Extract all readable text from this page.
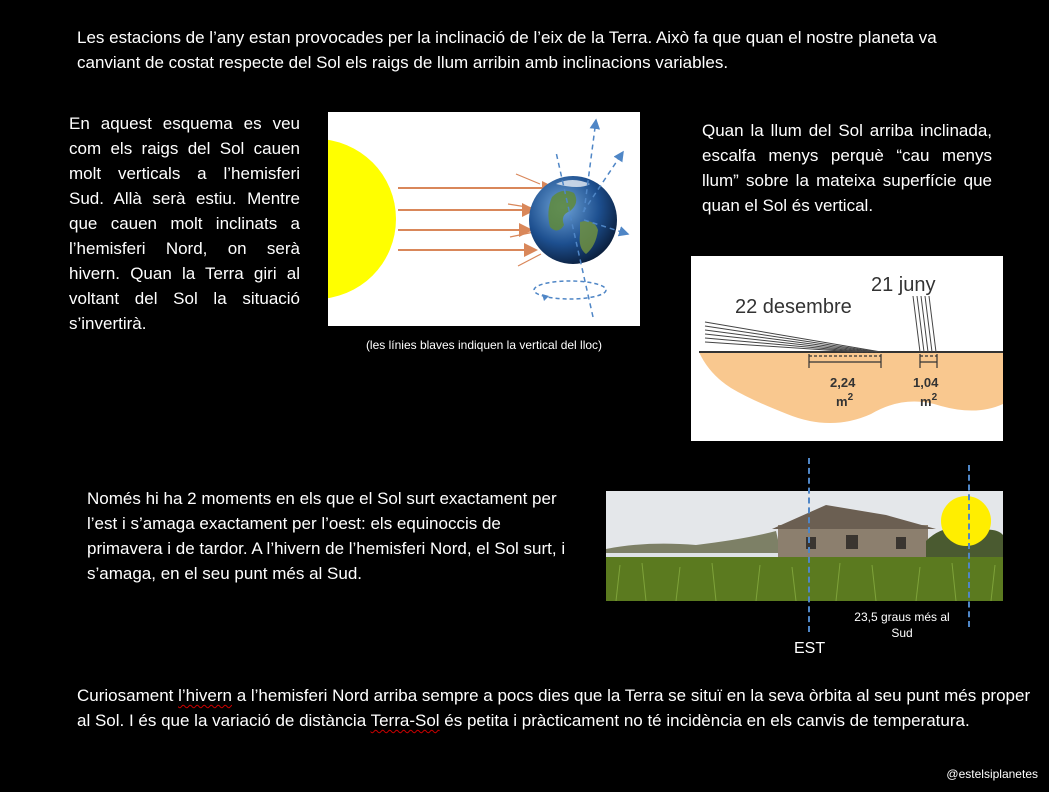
Les estacions de l’any estan provocades per la inclinació de l’eix de la Terra. Això fa que quan el nostre planeta va canviant de costat respecte del Sol els raigs de llum arribin amb inclinacions variables.
En aquest esquema es veu com els raigs del Sol cauen molt verticals a l’hemisferi Sud. Allà serà estiu. Mentre que cauen molt inclinats a l’hemisferi Nord, on serà hivern. Quan la Terra giri al voltant del Sol la situació s’invertirà.
(les línies blaves indiquen la vertical del lloc)
Quan la llum del Sol arriba inclinada, escalfa menys perquè “cau menys llum” sobre la mateixa superfície que quan el Sol és vertical.
22 desembre
21 juny
2,24
$m^2$
1,04
$m^2$
Només hi ha 2 moments en els que el Sol surt exactament per l’est i s’amaga exactament per l’oest: els equinoccis de primavera i de tardor. A l’hivern de l’hemisferi Nord, el Sol surt, i s’amaga, en el seu punt més al Sud.
23,5 graus més al Sud
EST
Curiosament l’hivern a l’hemisferi Nord arriba sempre a pocs dies que la Terra se situï en la seva òrbita al seu punt més proper al Sol. I és que la variació de distància Terra-Sol és petita i pràcticament no té incidència en els canvis de temperatura.
@estelsiplanetes
